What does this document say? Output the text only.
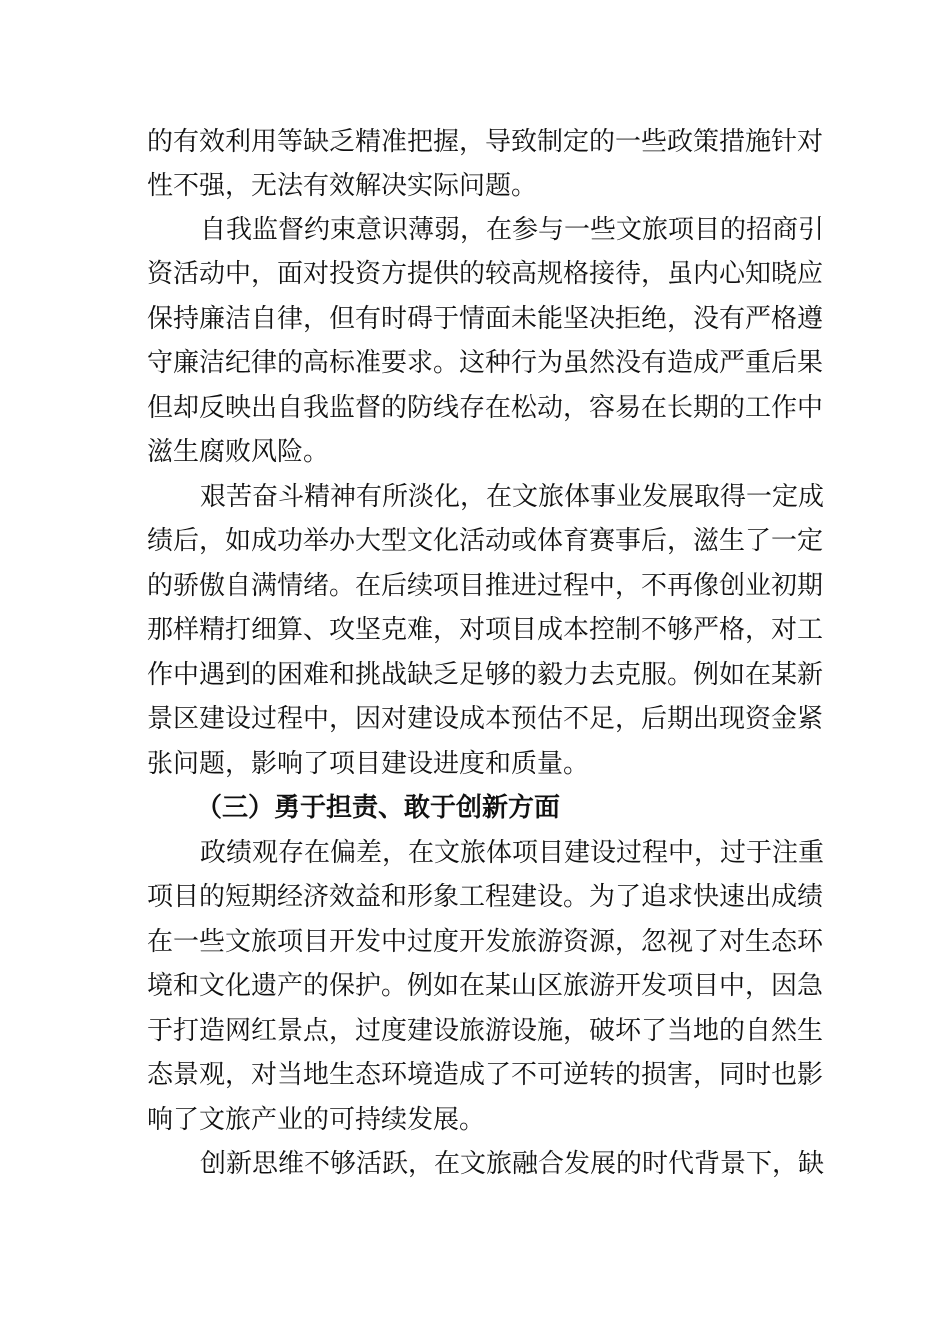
的有效利用等缺乏精准把握，导致制定的一些政策措施针对
性不强，无法有效解决实际问题。
自我监督约束意识薄弱，在参与一些文旅项目的招商引
资活动中，面对投资方提供的较高规格接待，虽内心知晓应
保持廉洁自律，但有时碍于情面未能坚决拒绝，没有严格遵
守廉洁纪律的高标准要求。这种行为虽然没有造成严重后果
但却反映出自我监督的防线存在松动，容易在长期的工作中
滋生腐败风险。
艰苦奋斗精神有所淡化，在文旅体事业发展取得一定成
绩后，如成功举办大型文化活动或体育赛事后，滋生了一定
的骄傲自满情绪。在后续项目推进过程中，不再像创业初期
那样精打细算、攻坚克难，对项目成本控制不够严格，对工
作中遇到的困难和挑战缺乏足够的毅力去克服。例如在某新
景区建设过程中，因对建设成本预估不足，后期出现资金紧
张问题，影响了项目建设进度和质量。
（三）勇于担责、敢于创新方面
政绩观存在偏差，在文旅体项目建设过程中，过于注重
项目的短期经济效益和形象工程建设。为了追求快速出成绩
在一些文旅项目开发中过度开发旅游资源，忽视了对生态环
境和文化遗产的保护。例如在某山区旅游开发项目中，因急
于打造网红景点，过度建设旅游设施，破坏了当地的自然生
态景观，对当地生态环境造成了不可逆转的损害，同时也影
响了文旅产业的可持续发展。
创新思维不够活跃，在文旅融合发展的时代背景下，缺
